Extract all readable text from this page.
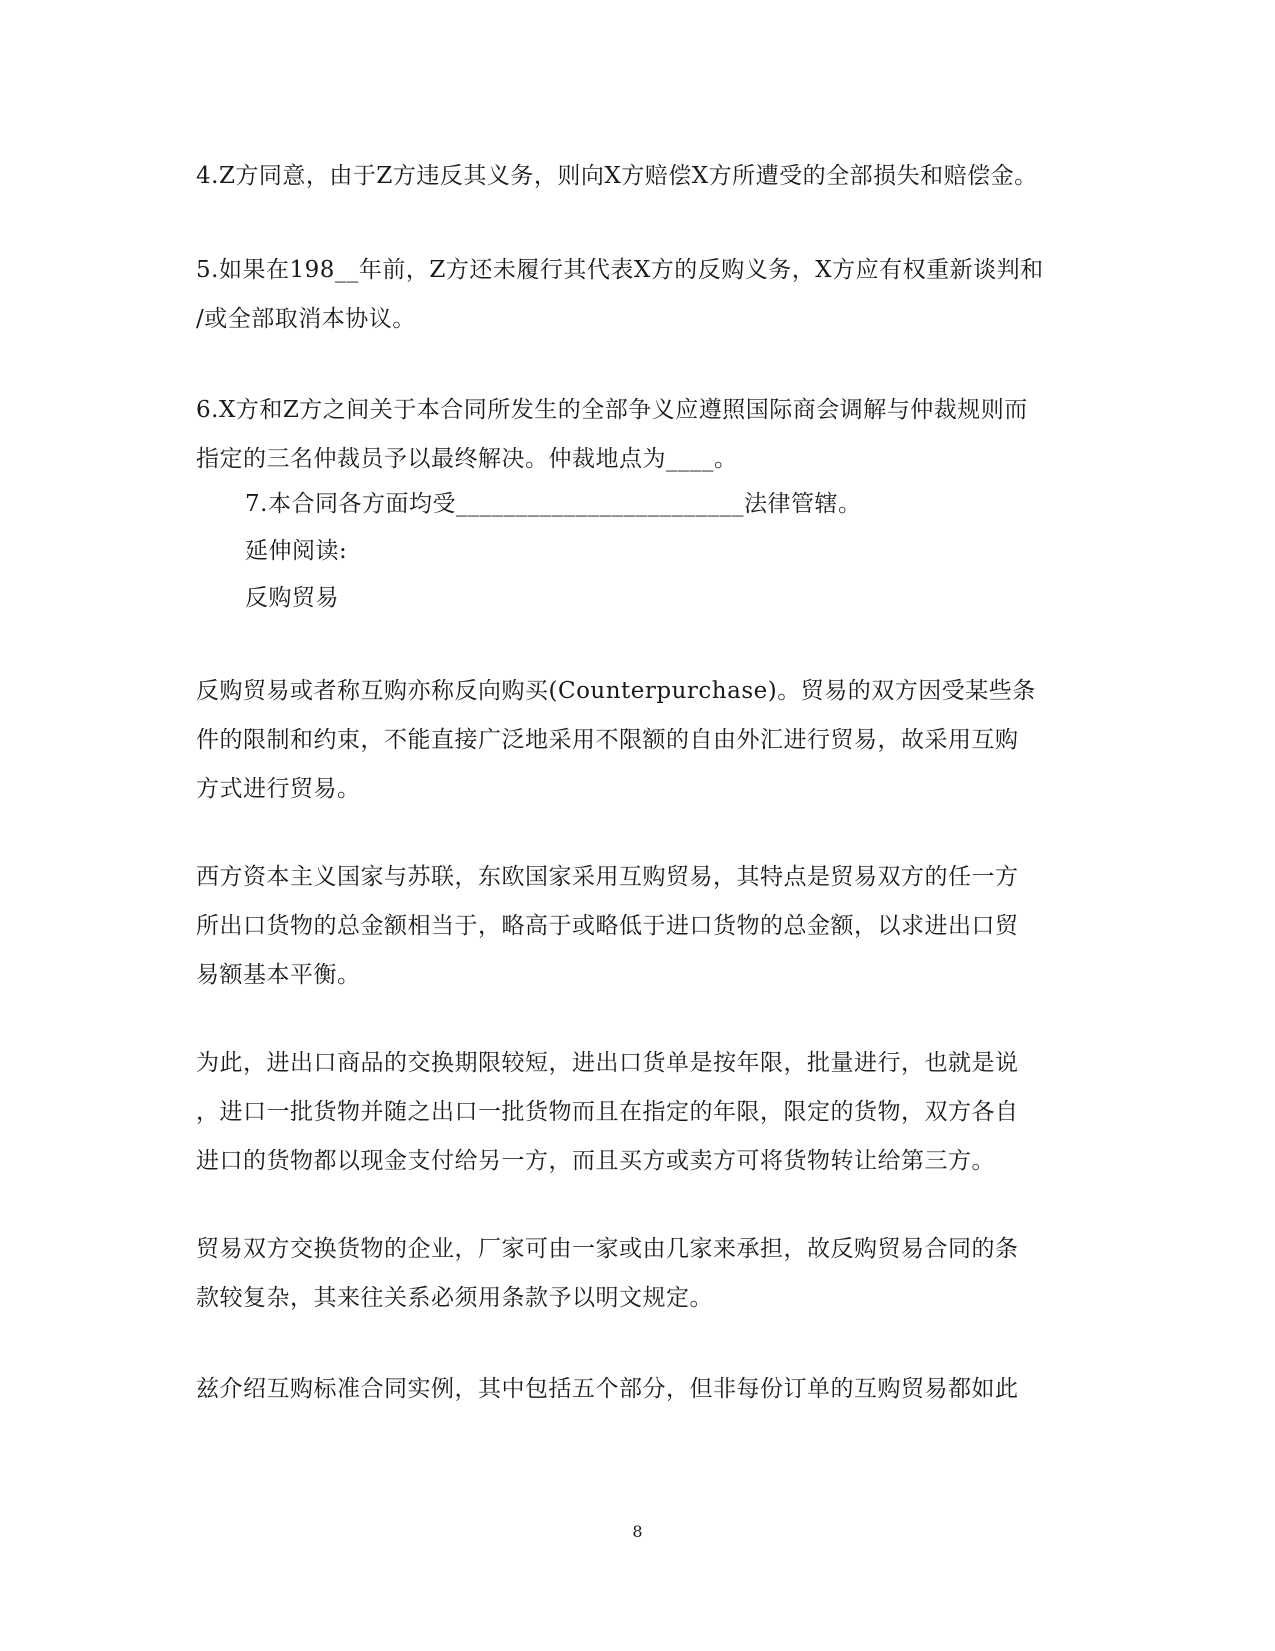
4.Z方同意，由于Z方违反其义务，则向X方赔偿X方所遭受的全部损失和赔偿金。

5.如果在198__年前，Z方还未履行其代表X方的反购义务，X方应有权重新谈判和
/或全部取消本协议。

6.X方和Z方之间关于本合同所发生的全部争义应遵照国际商会调解与仲裁规则而
指定的三名仲裁员予以最终解决。仲裁地点为____。

7.本合同各方面均受________________________法律管辖。

延伸阅读:

反购贸易

反购贸易或者称互购亦称反向购买(Counterpurchase)。贸易的双方因受某些条
件的限制和约束，不能直接广泛地采用不限额的自由外汇进行贸易，故采用互购
方式进行贸易。

西方资本主义国家与苏联，东欧国家采用互购贸易，其特点是贸易双方的任一方
所出口货物的总金额相当于，略高于或略低于进口货物的总金额，以求进出口贸
易额基本平衡。

为此，进出口商品的交换期限较短，进出口货单是按年限，批量进行，也就是说
，进口一批货物并随之出口一批货物而且在指定的年限，限定的货物，双方各自
进口的货物都以现金支付给另一方，而且买方或卖方可将货物转让给第三方。

贸易双方交换货物的企业，厂家可由一家或由几家来承担，故反购贸易合同的条
款较复杂，其来往关系必须用条款予以明文规定。

兹介绍互购标准合同实例，其中包括五个部分，但非每份订单的互购贸易都如此

8
